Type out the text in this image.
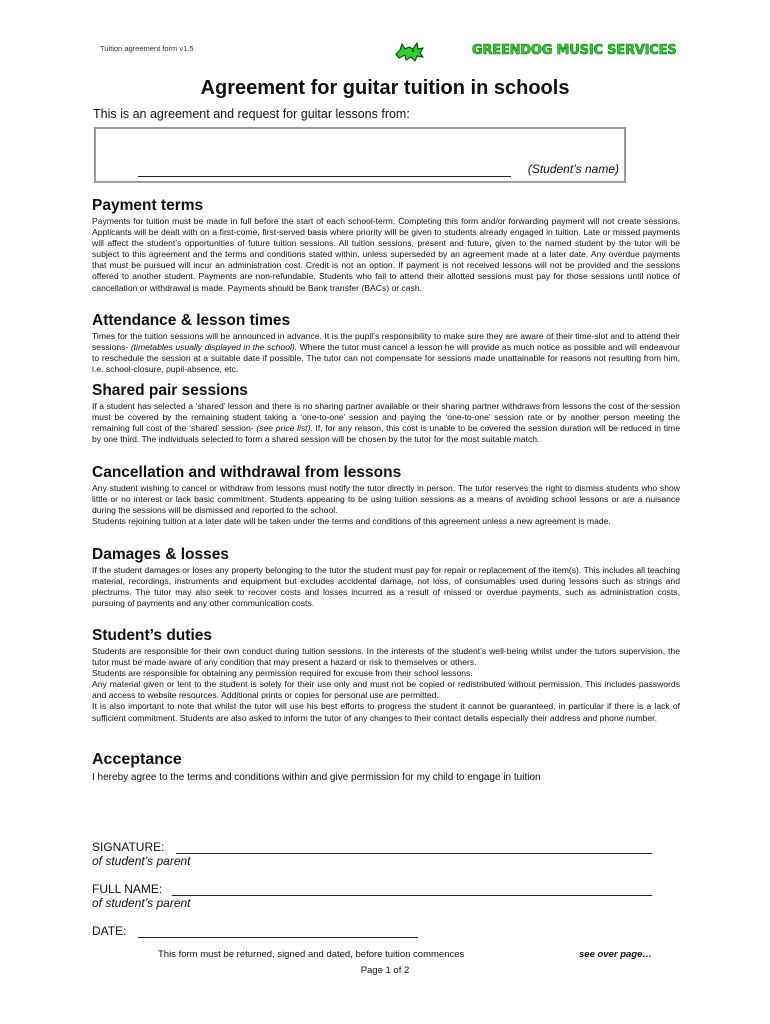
Tuition agreement form v1.5	GREENDOG MUSIC SERVICES
Agreement for guitar tuition in schools

This is an agreement and request for guitar lessons from:

(Student’s name)
Payment terms

Payments for tuition must be made in full before the start of each school-term. Completing this form and/or forwarding payment will not create sessions. Applicants will be dealt with on a first-come, first-served basis where priority will be given to students already engaged in tuition. Late or missed payments will affect the student’s opportunities of future tuition sessions. All tuition sessions, present and future, given to the named student by the tutor will be subject to this agreement and the terms and conditions stated within, unless superseded by an agreement made at a later date. Any overdue payments that must be pursued will incur an administration cost. Credit is not an option. If payment is not received lessons will not be provided and the sessions offered to another student. Payments are non-refundable. Students who fail to attend their allotted sessions must pay for those sessions until notice of cancellation or withdrawal is made. Payments should be Bank transfer (BACs) or cash.

Attendance & lesson times

Times for the tuition sessions will be announced in advance. It is the pupil’s responsibility to make sure they are aware of their time-slot and to attend their sessions- (timetables usually displayed in the school). Where the tutor must cancel a lesson he will provide as much notice as possible and will endeavour to reschedule the session at a suitable date if possible. The tutor can not compensate for sessions made unattainable for reasons not resulting from him, i.e. school-closure, pupil-absence, etc.

Shared pair sessions

If a student has selected a ‘shared’ lesson and there is no sharing partner available or their sharing partner withdraws from lessons the cost of the session must be covered by the remaining student taking a ‘one-to-one’ session and paying the ‘one-to-one’ session rate or by another person meeting the remaining full cost of the ‘shared’ session- (see price list). If, for any reason, this cost is unable to be covered the session duration will be reduced in time by one third. The individuals selected to form a shared session will be chosen by the tutor for the most suitable match.

Cancellation and withdrawal from lessons

Any student wishing to cancel or withdraw from lessons must notify the tutor directly in person. The tutor reserves the right to dismiss students who show little or no interest or lack basic commitment. Students appearing to be using tuition sessions as a means of avoiding school lessons or are a nuisance during the sessions will be dismissed and reported to the school.

Students rejoining tuition at a later date will be taken under the terms and conditions of this agreement unless a new agreement is made.

Damages & losses

If the student damages or loses any property belonging to the tutor the student must pay for repair or replacement of the item(s). This includes all teaching material, recordings, instruments and equipment but excludes accidental damage, not loss, of consumables used during lessons such as strings and plectrums. The tutor may also seek to recover costs and losses incurred as a result of missed or overdue payments, such as administration costs, pursuing of payments and any other communication costs.

Student’s duties

Students are responsible for their own conduct during tuition sessions. In the interests of the student’s well-being whilst under the tutors supervision, the tutor must be made aware of any condition that may present a hazard or risk to themselves or others.

Students are responsible for obtaining any permission required for excuse from their school lessons.

Any material given or lent to the student is solely for their use only and must not be copied or redistributed without permission. This includes passwords and access to website resources. Additional prints or copies for personal use are permitted.

It is also important to note that whilst the tutor will use his best efforts to progress the student it cannot be guaranteed, in particular if there is a lack of sufficient commitment. Students are also asked to inform the tutor of any changes to their contact details especially their address and phone number.

Acceptance

I hereby agree to the terms and conditions within and give permission for my child to engage in tuition

SIGNATURE:
of student’s parent
FULL NAME:
of student’s parent
DATE:
This form must be returned, signed and dated, before tuition commences	see over page…
Page 1 of 2
